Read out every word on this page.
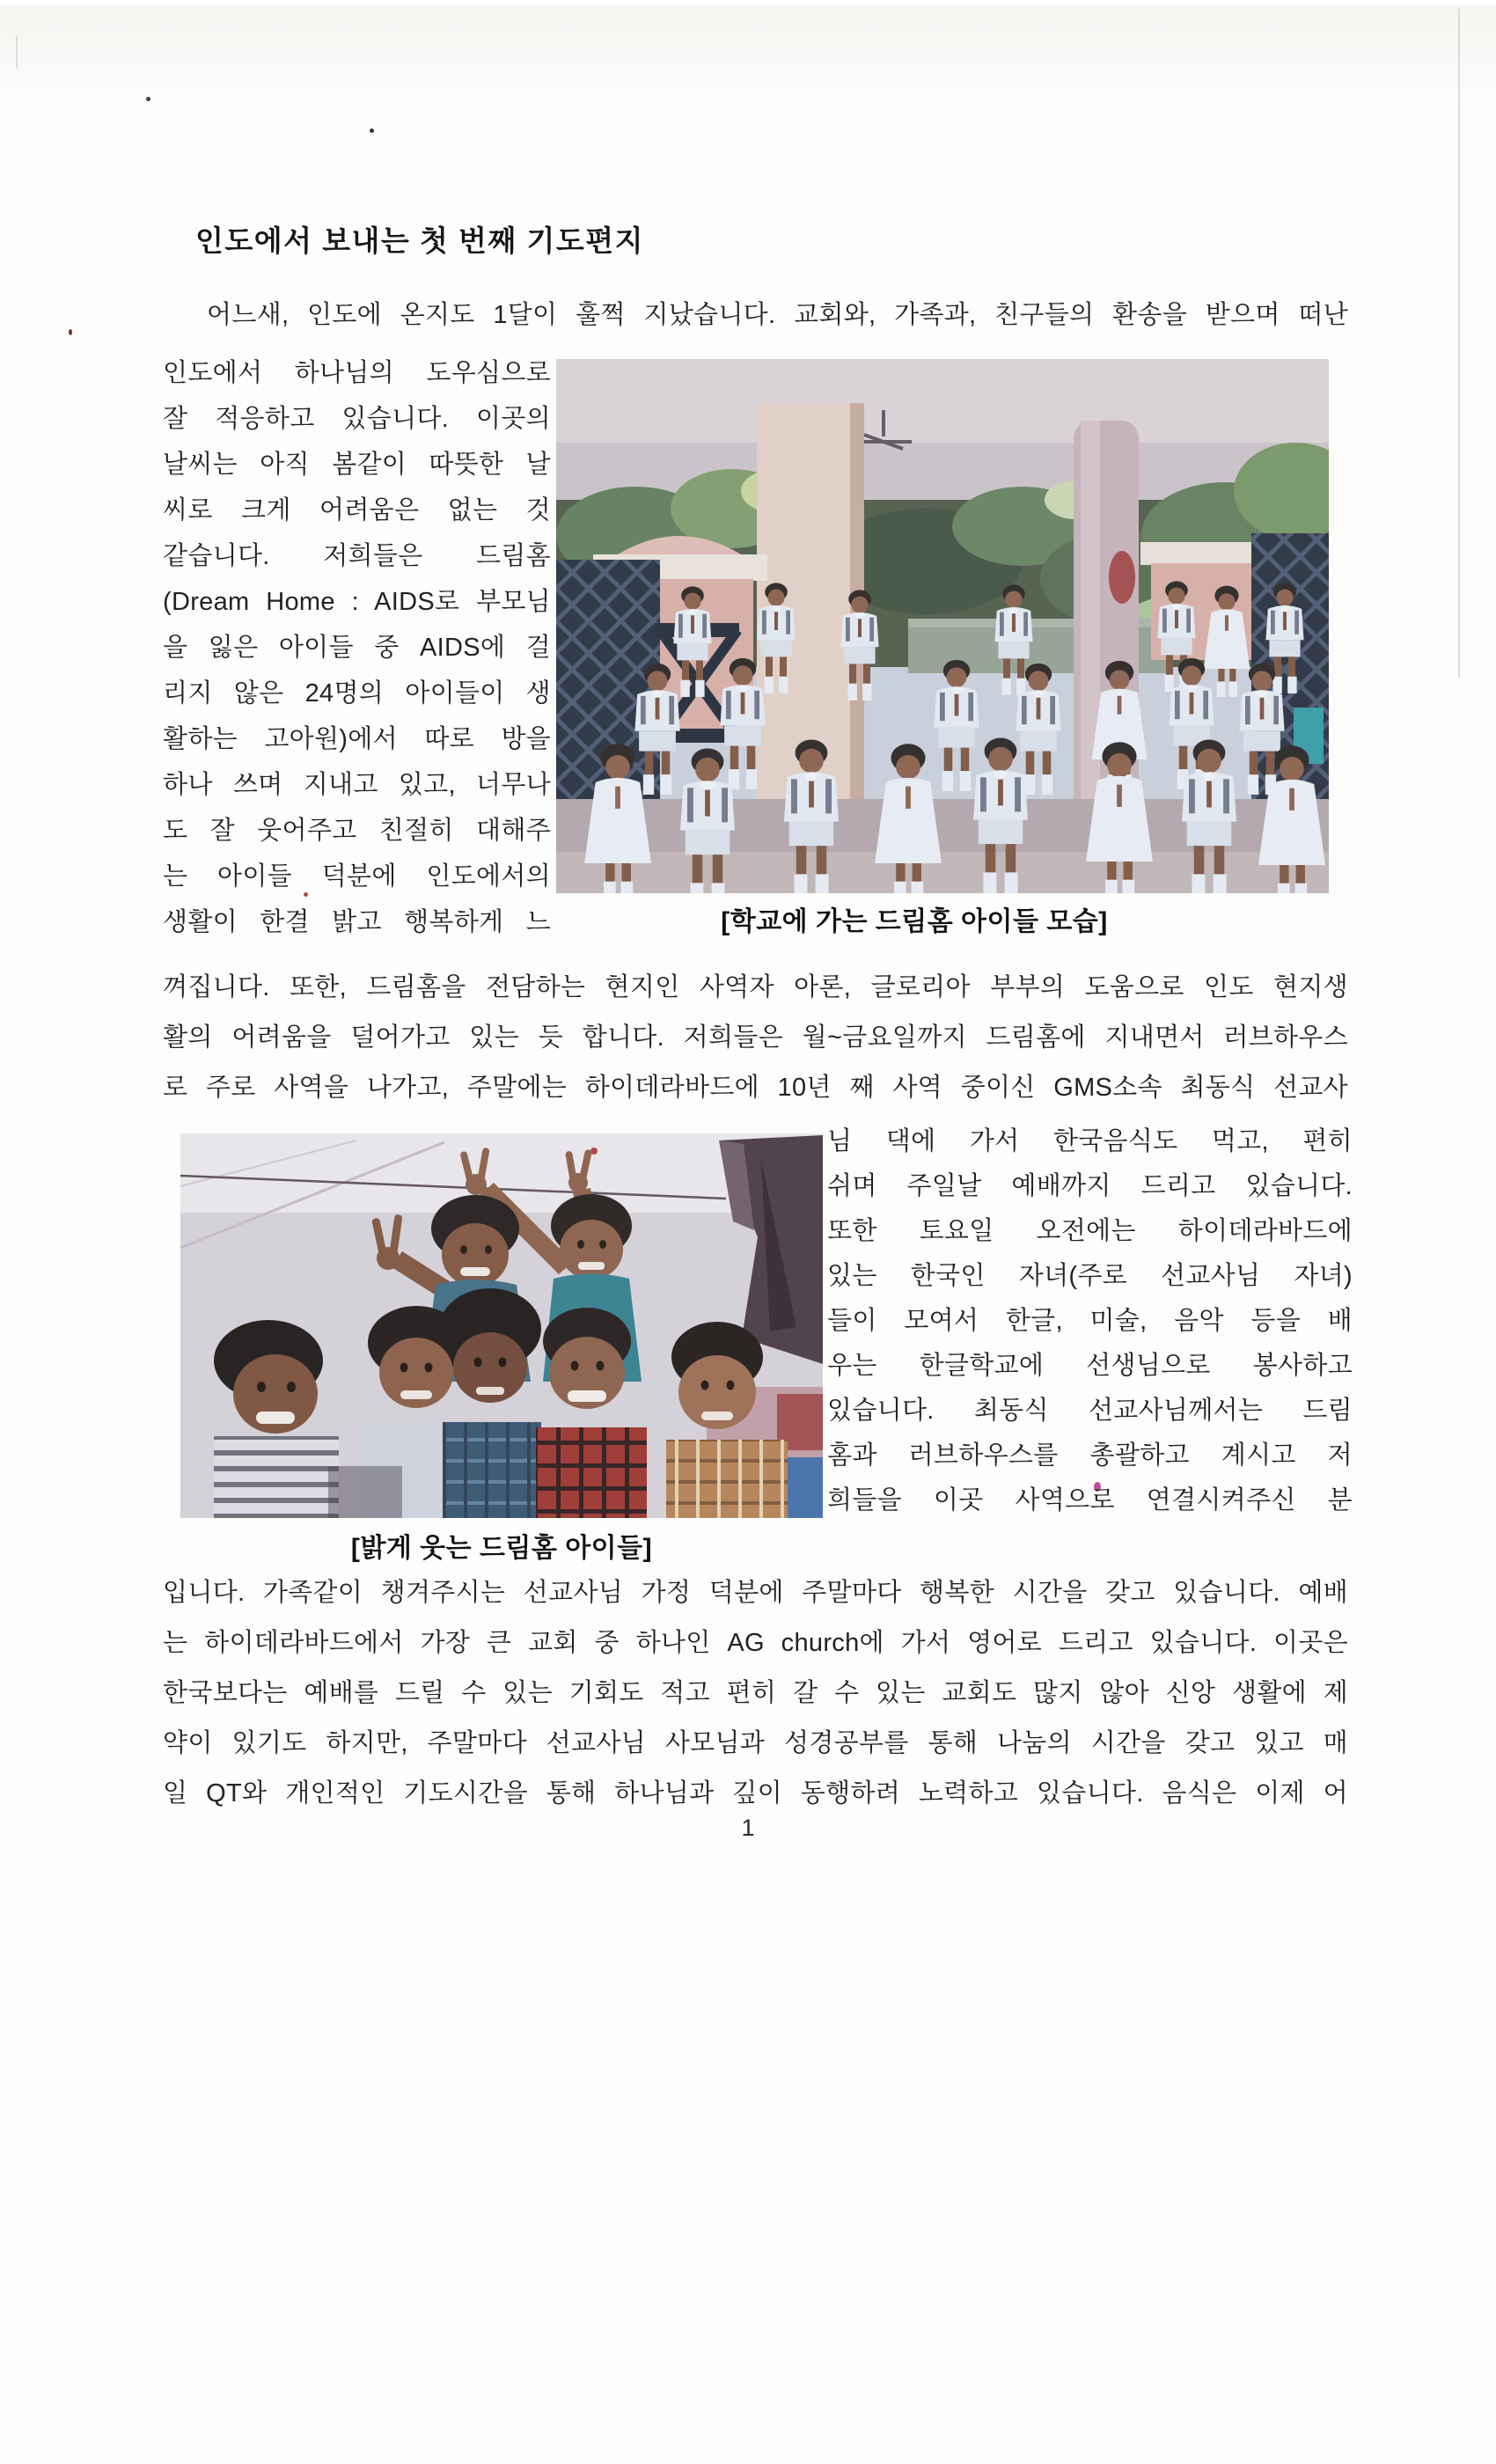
인도에서 보내는 첫 번째 기도편지
어느새, 인도에 온지도 1달이 훌쩍 지났습니다. 교회와, 가족과, 친구들의 환송을 받으며 떠난
인도에서 하나님의 도우심으로
잘 적응하고 있습니다. 이곳의
날씨는 아직 봄같이 따뜻한 날
씨로 크게 어려움은 없는 것
같습니다. 저희들은 드림홈
(Dream Home : AIDS로 부모님
을 잃은 아이들 중 AIDS에 걸
리지 않은 24명의 아이들이 생
활하는 고아원)에서 따로 방을
하나 쓰며 지내고 있고, 너무나
도 잘 웃어주고 친절히 대해주
는 아이들 덕분에 인도에서의
생활이 한결 밝고 행복하게 느	[학교에 가는 드림홈 아이들 모습]
껴집니다. 또한, 드림홈을 전담하는 현지인 사역자 아론, 글로리아 부부의 도움으로 인도 현지생
활의 어려움을 덜어가고 있는 듯 합니다. 저희들은 월~금요일까지 드림홈에 지내면서 러브하우스
로 주로 사역을 나가고, 주말에는 하이데라바드에 10년 째 사역 중이신 GMS소속 최동식 선교사
님 댁에 가서 한국음식도 먹고, 편히
쉬며 주일날 예배까지 드리고 있습니다.
또한 토요일 오전에는 하이데라바드에
있는 한국인 자녀(주로 선교사님 자녀)
들이 모여서 한글, 미술, 음악 등을 배
우는 한글학교에 선생님으로 봉사하고
있습니다. 최동식 선교사님께서는 드림
홈과 러브하우스를 총괄하고 계시고 저
희들을 이곳 사역으로 연결시켜주신 분
[밝게 웃는 드림홈 아이들]
입니다. 가족같이 챙겨주시는 선교사님 가정 덕분에 주말마다 행복한 시간을 갖고 있습니다. 예배
는 하이데라바드에서 가장 큰 교회 중 하나인 AG church에 가서 영어로 드리고 있습니다. 이곳은
한국보다는 예배를 드릴 수 있는 기회도 적고 편히 갈 수 있는 교회도 많지 않아 신앙 생활에 제
약이 있기도 하지만, 주말마다 선교사님 사모님과 성경공부를 통해 나눔의 시간을 갖고 있고 매
일 QT와 개인적인 기도시간을 통해 하나님과 깊이 동행하려 노력하고 있습니다. 음식은 이제 어
1
